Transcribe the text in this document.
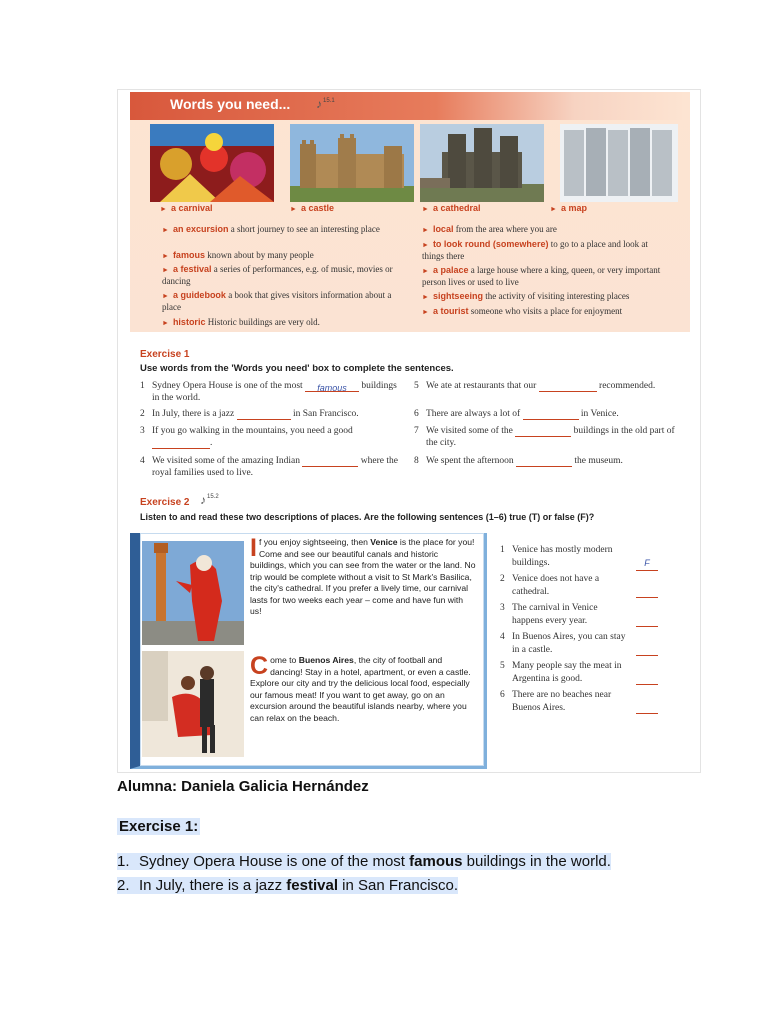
Words you need... ♪ 15.1
► a carnival	► a castle	► a cathedral	► a map
► an excursion a short journey to see an interesting place
► famous known about by many people
► a festival a series of performances, e.g. of music, movies or dancing
► a guidebook a book that gives visitors information about a place
► historic Historic buildings are very old.
► local from the area where you are
► to look round (somewhere) to go to a place and look at things there
► a palace a large house where a king, queen, or very important person lives or used to live
► sightseeing the activity of visiting interesting places
► a tourist someone who visits a place for enjoyment
Exercise 1
Use words from the 'Words you need' box to complete the sentences.
1 Sydney Opera House is one of the most famous buildings in the world.
2 In July, there is a jazz	in San Francisco.
3 If you go walking in the mountains, you need a good .
4 We visited some of the amazing Indian	where the royal families used to live.
5 We ate at restaurants that our	recommended.
6 There are always a lot of	in Venice.
7 We visited some of the	buildings in the old part of the city.
8 We spent the afternoon	the museum.
Exercise 2 ♪ 15.2
Listen to and read these two descriptions of places. Are the following sentences (1–6) true (T) or false (F)?
If you enjoy sightseeing, then Venice is the place for you! Come and see our beautiful canals and historic buildings, which you can see from the water or the land. No trip would be complete without a visit to St Mark's Basilica, the city's cathedral. If you prefer a lively time, our carnival lasts for two weeks each year – come and have fun with us!
Come to Buenos Aires, the city of football and dancing! Stay in a hotel, apartment, or even a castle. Explore our city and try the delicious local food, especially our famous meat! If you want to get away, go on an excursion around the beautiful islands nearby, where you can relax on the beach.
1 Venice has mostly modern buildings.	F
2 Venice does not have a cathedral.
3 The carnival in Venice happens every year.
4 In Buenos Aires, you can stay in a castle.
5 Many people say the meat in Argentina is good.
6 There are no beaches near Buenos Aires.
Alumna: Daniela Galicia Hernández
Exercise 1:
1. Sydney Opera House is one of the most famous buildings in the world.
2. In July, there is a jazz festival in San Francisco.
